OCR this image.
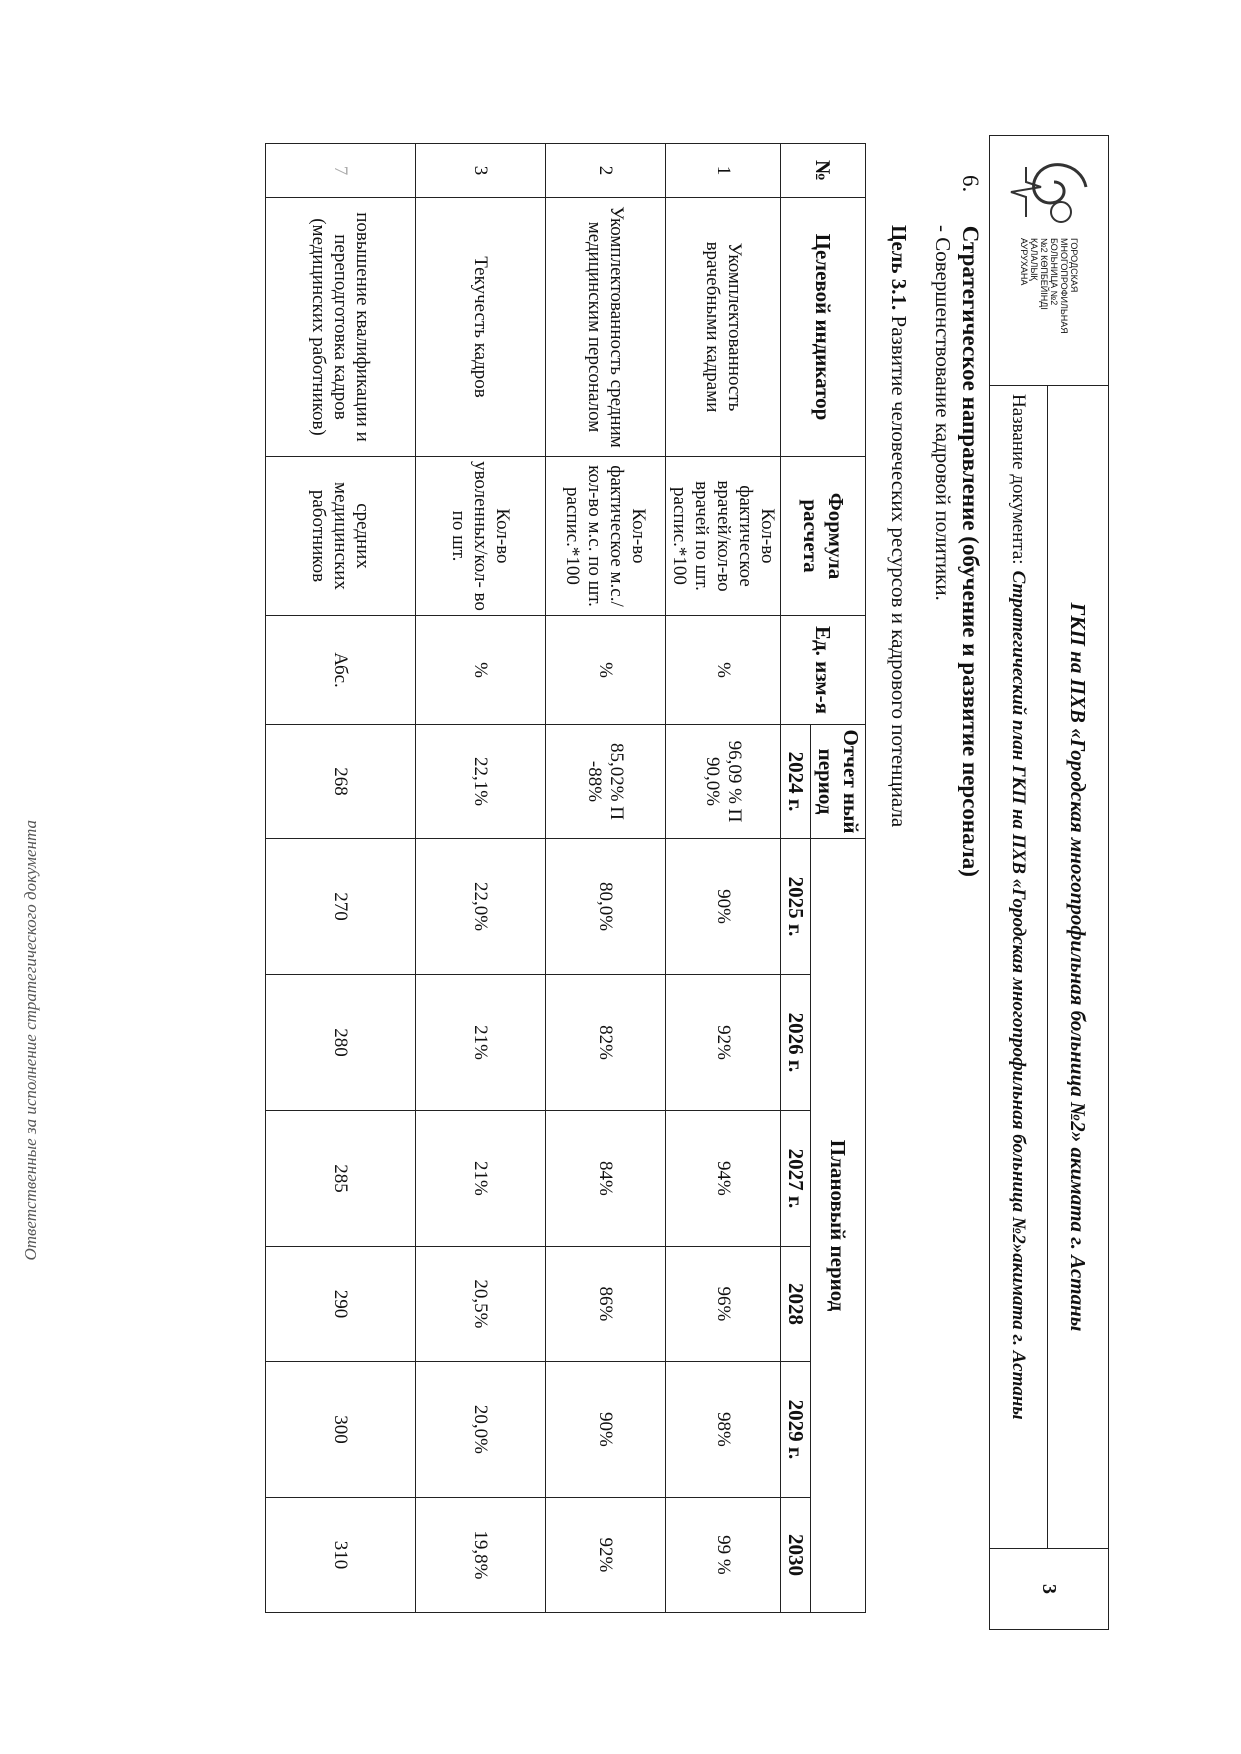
ГОРОДСКАЯ
МНОГОПРОФИЛЬНАЯ
БОЛЬНИЦА №2
№2 КӨПБЕЙІНДІ
ҚАЛАЛЫҚ
АУРУХАНА
ГКП на ПХВ «Городская многопрофильная больница №2» акимата г. Астаны
Название документа:
Стратегический план ГКП на ПХВ «Городская многопрофильная больница №2»акимата г. Астаны
3
6. Стратегическое направление (обучение и развитие персонала)
- Совершенствование кадровой политики.
Цель 3.1. Развитие человеческих ресурсов и кадрового потенциала
№	Целевой индикатор	Формула расчета	Ед. изм-я	Отчет ный период	Плановый период					
				2024 г.	2025 г.	2026 г.	2027 г.	2028	2029 г.	2030
1	Укомплектованность врачебными кадрами	Кол-во фактическое врачей/кол-во врачей по шт. распис.*100	%	96,09 % П 90,0%	90%	92%	94%	96%	98%	99 %
2	Укомплектованность средним медицинским персоналом	Кол-во фактическое м.с./кол-во м.с. по шт. распис.*100	%	85,02% П -88%	80,0%	82%	84%	86%	90%	92%
3	Текучесть кадров	Кол-во уволенных/кол- во по шт.	%	22,1%	22,0%	21%	21%	20,5%	20,0%	19,8%
7	повышение квалификации и переподготовка кадров (медицинских работников)	средних медицинских работников	Абс.	268	270	280	285	290	300	310
Ответственные за исполнение стратегического документа
